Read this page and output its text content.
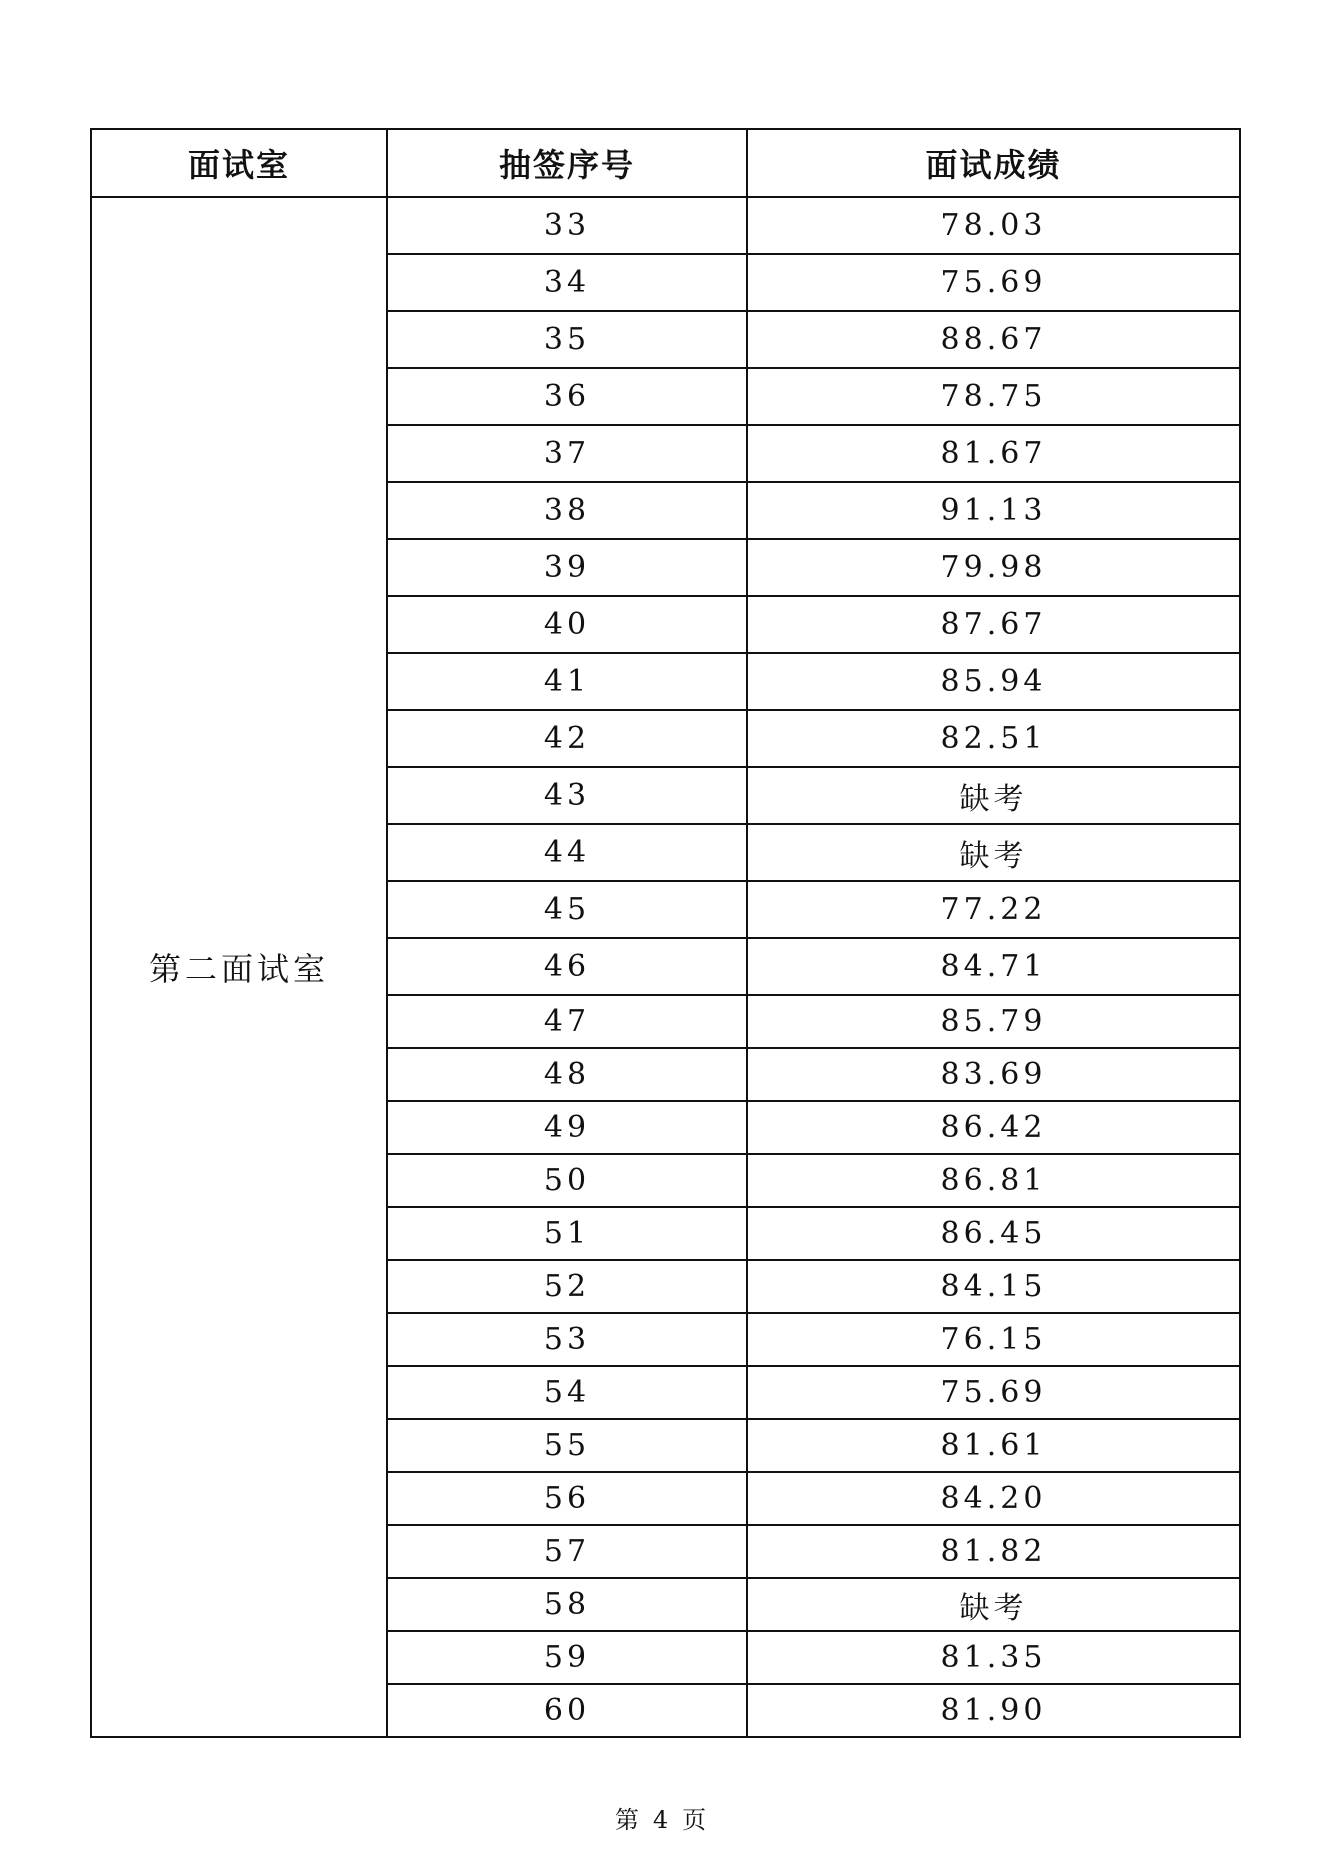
面试室	抽签序号	面试成绩
第二面试室	33	78.03
	34	75.69
	35	88.67
	36	78.75
	37	81.67
	38	91.13
	39	79.98
	40	87.67
	41	85.94
	42	82.51
	43	缺考
	44	缺考
	45	77.22
	46	84.71
	47	85.79
	48	83.69
	49	86.42
	50	86.81
	51	86.45
	52	84.15
	53	76.15
	54	75.69
	55	81.61
	56	84.20
	57	81.82
	58	缺考
	59	81.35
	60	81.90
第 4 页
